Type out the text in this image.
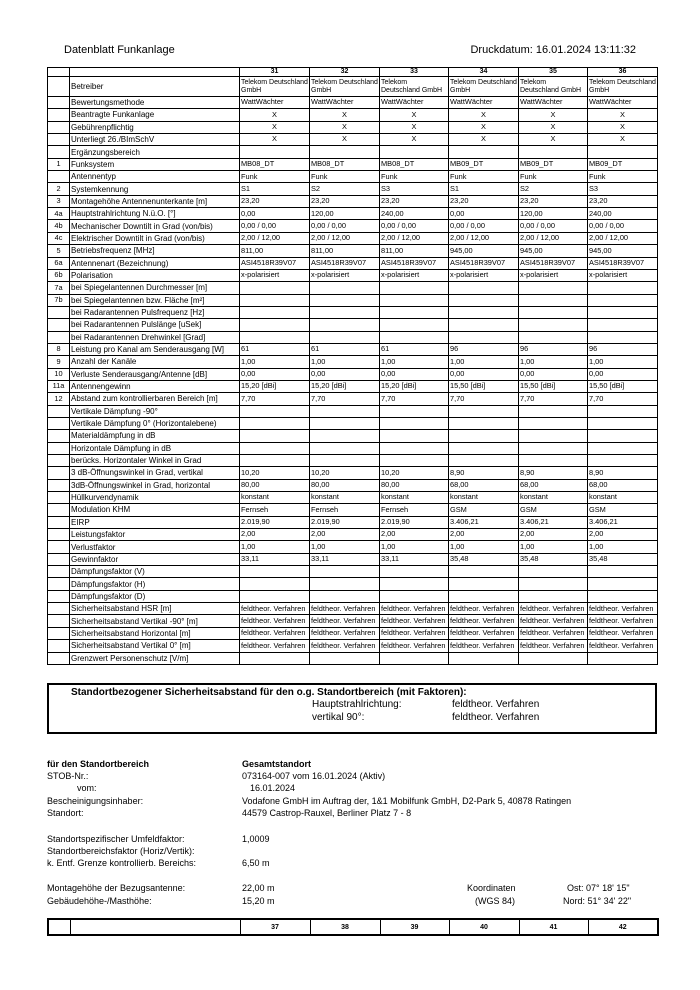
Datenblatt Funkanlage	Druckdatum: 16.01.2024 13:11:32
		31	32	33	34	35	36
	Betreiber	Telekom Deutschland GmbH	Telekom Deutschland GmbH	Telekom Deutschland GmbH	Telekom Deutschland GmbH	Telekom Deutschland GmbH	Telekom Deutschland GmbH
	Bewertungsmethode	WattWächter	WattWächter	WattWächter	WattWächter	WattWächter	WattWächter
	Beantragte Funkanlage	X	X	X	X	X	X
	Gebührenpflichtig	X	X	X	X	X	X
	Unterliegt 26./BImSchV	X	X	X	X	X	X
	Ergänzungsbereich						
1	Funksystem	MB08_DT	MB08_DT	MB08_DT	MB09_DT	MB09_DT	MB09_DT
	Antennentyp	Funk	Funk	Funk	Funk	Funk	Funk
2	Systemkennung	S1	S2	S3	S1	S2	S3
3	Montagehöhe Antennenunterkante [m]	23,20	23,20	23,20	23,20	23,20	23,20
4a	Hauptstrahlrichtung N.ü.O. [°]	0,00	120,00	240,00	0,00	120,00	240,00
4b	Mechanischer Downtilt in Grad (von/bis)	0,00 / 0,00	0,00 / 0,00	0,00 / 0,00	0,00 / 0,00	0,00 / 0,00	0,00 / 0,00
4c	Elektrischer Downtilt in Grad (von/bis)	2,00 / 12,00	2,00 / 12,00	2,00 / 12,00	2,00 / 12,00	2,00 / 12,00	2,00 / 12,00
5	Betriebsfrequenz [MHz]	811,00	811,00	811,00	945,00	945,00	945,00
6a	Antennenart (Bezeichnung)	ASI4518R39V07	ASI4518R39V07	ASI4518R39V07	ASI4518R39V07	ASI4518R39V07	ASI4518R39V07
6b	Polarisation	x-polarisiert	x-polarisiert	x-polarisiert	x-polarisiert	x-polarisiert	x-polarisiert
7a	bei Spiegelantennen Durchmesser [m]						
7b	bei Spiegelantennen bzw. Fläche [m²]						
	bei Radarantennen Pulsfrequenz [Hz]						
	bei Radarantennen Pulslänge [uSek]						
	bei Radarantennen Drehwinkel [Grad]						
8	Leistung pro Kanal am Senderausgang [W]	61	61	61	96	96	96
9	Anzahl der Kanäle	1,00	1,00	1,00	1,00	1,00	1,00
10	Verluste Senderausgang/Antenne [dB]	0,00	0,00	0,00	0,00	0,00	0,00
11a	Antennengewinn	15,20 [dBi]	15,20 [dBi]	15,20 [dBi]	15,50 [dBi]	15,50 [dBi]	15,50 [dBi]
12	Abstand zum kontrollierbaren Bereich [m]	7,70	7,70	7,70	7,70	7,70	7,70
	Vertikale Dämpfung -90°						
	Vertikale Dämpfung 0° (Horizontalebene)						
	Materialdämpfung in dB						
	Horizontale Dämpfung in dB						
	berücks. Horizontaler Winkel in Grad						
	3 dB-Öffnungswinkel in Grad, vertikal	10,20	10,20	10,20	8,90	8,90	8,90
	3dB-Öffnungswinkel in Grad, horizontal	80,00	80,00	80,00	68,00	68,00	68,00
	Hüllkurvendynamik	konstant	konstant	konstant	konstant	konstant	konstant
	Modulation KHM	Fernseh	Fernseh	Fernseh	GSM	GSM	GSM
	EIRP	2.019,90	2.019,90	2.019,90	3.406,21	3.406,21	3.406,21
	Leistungsfaktor	2,00	2,00	2,00	2,00	2,00	2,00
	Verlustfaktor	1,00	1,00	1,00	1,00	1,00	1,00
	Gewinnfaktor	33,11	33,11	33,11	35,48	35,48	35,48
	Dämpfungsfaktor (V)						
	Dämpfungsfaktor (H)						
	Dämpfungsfaktor (D)						
	Sicherheitsabstand HSR [m]	feldtheor. Verfahren	feldtheor. Verfahren	feldtheor. Verfahren	feldtheor. Verfahren	feldtheor. Verfahren	feldtheor. Verfahren
	Sicherheitsabstand Vertikal -90° [m]	feldtheor. Verfahren	feldtheor. Verfahren	feldtheor. Verfahren	feldtheor. Verfahren	feldtheor. Verfahren	feldtheor. Verfahren
	Sicherheitsabstand Horizontal [m]	feldtheor. Verfahren	feldtheor. Verfahren	feldtheor. Verfahren	feldtheor. Verfahren	feldtheor. Verfahren	feldtheor. Verfahren
	Sicherheitsabstand Vertikal 0° [m]	feldtheor. Verfahren	feldtheor. Verfahren	feldtheor. Verfahren	feldtheor. Verfahren	feldtheor. Verfahren	feldtheor. Verfahren
	Grenzwert Personenschutz [V/m]						
Standortbezogener Sicherheitsabstand für den o.g. Standortbereich (mit Faktoren):
Hauptstrahlrichtung:	feldtheor. Verfahren
vertikal 90°:	feldtheor. Verfahren
für den Standortbereich	Gesamtstandort
STOB-Nr.:	073164-007 vom 16.01.2024 (Aktiv)
vom:	16.01.2024
Bescheinigungsinhaber:	Vodafone GmbH im Auftrag der, 1&1 Mobilfunk GmbH, D2-Park 5, 40878 Ratingen
Standort:	44579 Castrop-Rauxel, Berliner Platz 7 - 8
Standortspezifischer Umfeldfaktor:	1,0009
Standortbereichsfaktor (Horiz/Vertik):
k. Entf. Grenze kontrollierb. Bereichs:	6,50 m
Montagehöhe der Bezugsantenne:	22,00 m	Koordinaten	Ost: 07° 18' 15"
Gebäudehöhe-/Masthöhe:	15,20 m	(WGS 84)	Nord: 51° 34' 22"
		37	38	39	40	41	42
